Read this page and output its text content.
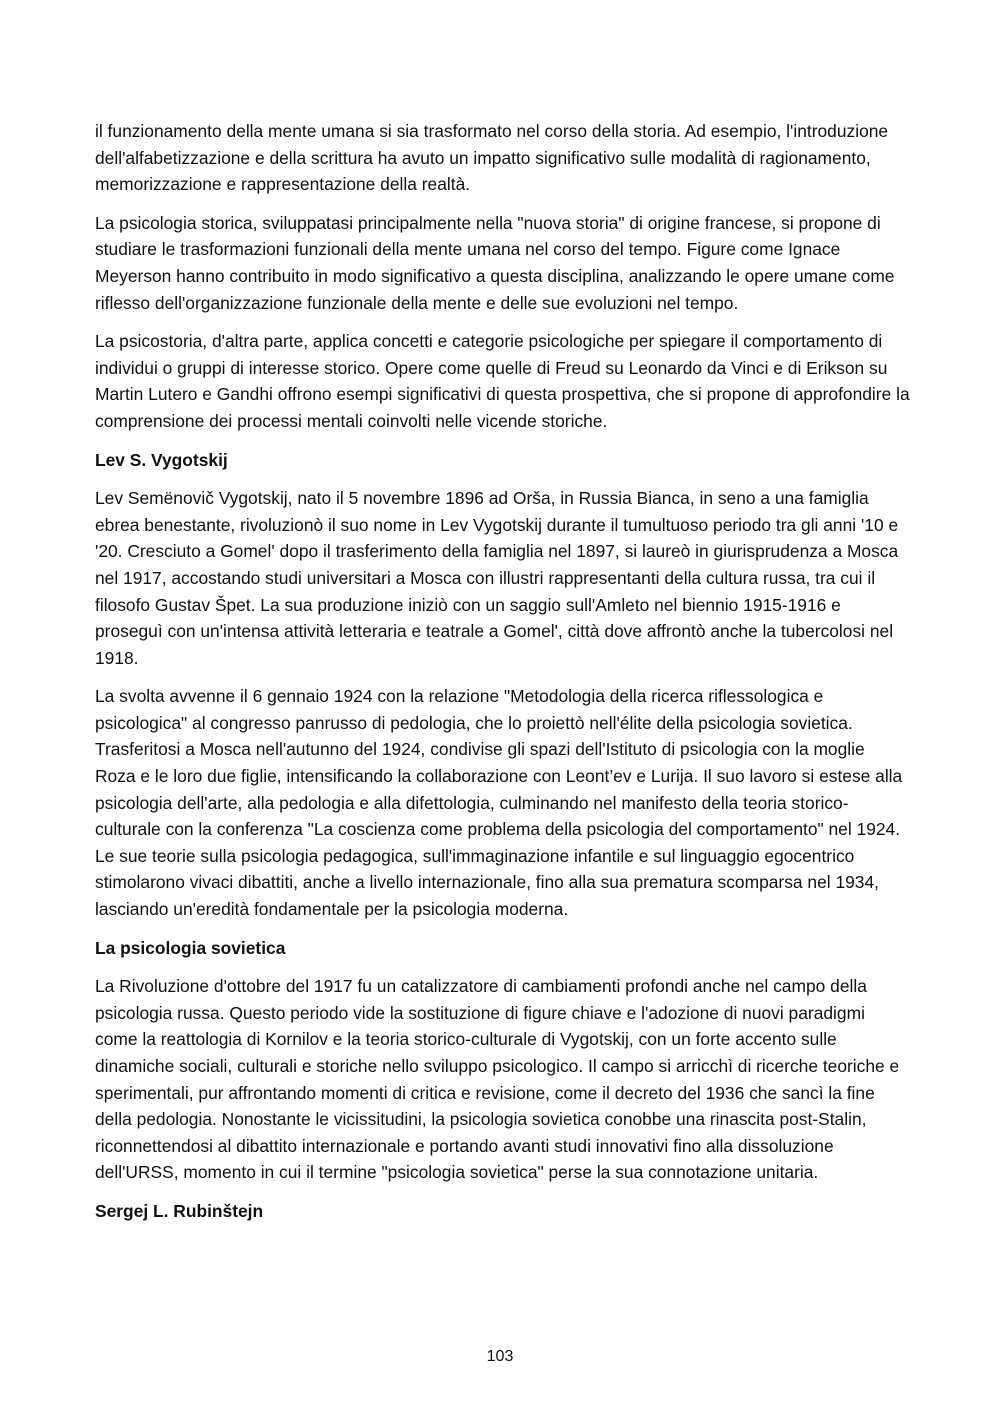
il funzionamento della mente umana si sia trasformato nel corso della storia. Ad esempio, l'introduzione dell'alfabetizzazione e della scrittura ha avuto un impatto significativo sulle modalità di ragionamento, memorizzazione e rappresentazione della realtà.

La psicologia storica, sviluppatasi principalmente nella "nuova storia" di origine francese, si propone di studiare le trasformazioni funzionali della mente umana nel corso del tempo. Figure come Ignace Meyerson hanno contribuito in modo significativo a questa disciplina, analizzando le opere umane come riflesso dell'organizzazione funzionale della mente e delle sue evoluzioni nel tempo.

La psicostoria, d'altra parte, applica concetti e categorie psicologiche per spiegare il comportamento di individui o gruppi di interesse storico. Opere come quelle di Freud su Leonardo da Vinci e di Erikson su Martin Lutero e Gandhi offrono esempi significativi di questa prospettiva, che si propone di approfondire la comprensione dei processi mentali coinvolti nelle vicende storiche.

Lev S. Vygotskij

Lev Semënovič Vygotskij, nato il 5 novembre 1896 ad Orša, in Russia Bianca, in seno a una famiglia ebrea benestante, rivoluzionò il suo nome in Lev Vygotskij durante il tumultuoso periodo tra gli anni '10 e '20. Cresciuto a Gomel' dopo il trasferimento della famiglia nel 1897, si laureò in giurisprudenza a Mosca nel 1917, accostando studi universitari a Mosca con illustri rappresentanti della cultura russa, tra cui il filosofo Gustav Špet. La sua produzione iniziò con un saggio sull'Amleto nel biennio 1915-1916 e proseguì con un'intensa attività letteraria e teatrale a Gomel', città dove affrontò anche la tubercolosi nel 1918.

La svolta avvenne il 6 gennaio 1924 con la relazione "Metodologia della ricerca riflessologica e psicologica" al congresso panrusso di pedologia, che lo proiettò nell'élite della psicologia sovietica. Trasferitosi a Mosca nell'autunno del 1924, condivise gli spazi dell'Istituto di psicologia con la moglie Roza e le loro due figlie, intensificando la collaborazione con Leont’ev e Lurija. Il suo lavoro si estese alla psicologia dell'arte, alla pedologia e alla difettologia, culminando nel manifesto della teoria storico-culturale con la conferenza "La coscienza come problema della psicologia del comportamento" nel 1924. Le sue teorie sulla psicologia pedagogica, sull'immaginazione infantile e sul linguaggio egocentrico stimolarono vivaci dibattiti, anche a livello internazionale, fino alla sua prematura scomparsa nel 1934, lasciando un'eredità fondamentale per la psicologia moderna.

La psicologia sovietica

La Rivoluzione d'ottobre del 1917 fu un catalizzatore di cambiamenti profondi anche nel campo della psicologia russa. Questo periodo vide la sostituzione di figure chiave e l'adozione di nuovi paradigmi come la reattologia di Kornilov e la teoria storico-culturale di Vygotskij, con un forte accento sulle dinamiche sociali, culturali e storiche nello sviluppo psicologico. Il campo si arricchì di ricerche teoriche e sperimentali, pur affrontando momenti di critica e revisione, come il decreto del 1936 che sancì la fine della pedologia. Nonostante le vicissitudini, la psicologia sovietica conobbe una rinascita post-Stalin, riconnettendosi al dibattito internazionale e portando avanti studi innovativi fino alla dissoluzione dell'URSS, momento in cui il termine "psicologia sovietica" perse la sua connotazione unitaria.

Sergej L. Rubinštejn
103
